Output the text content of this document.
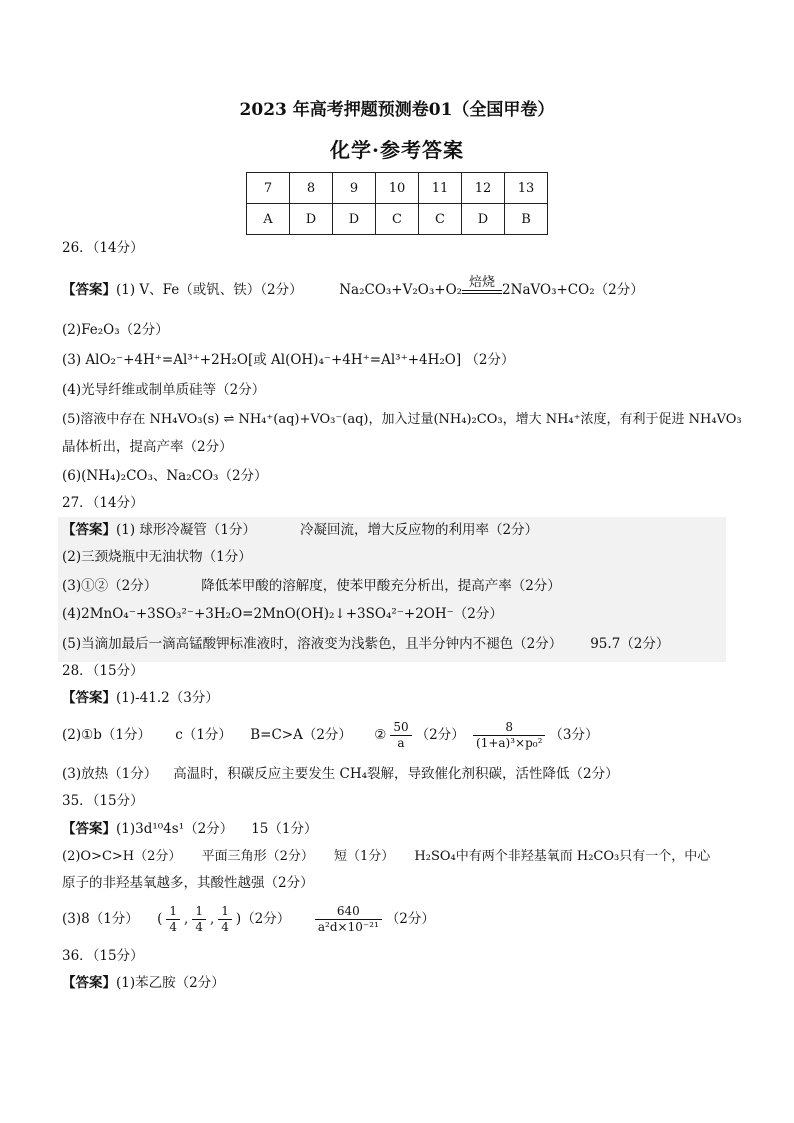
2023 年高考押题预测卷01（全国甲卷）
化学·参考答案
7	8	9	10	11	12	13
A	D	D	C	C	D	B
26．（14分）
【答案】(1) V、Fe（或钒、铁）（2分）	Na₂CO₃+V₂O₃+O₂ 焙烧 2NaVO₃+CO₂（2分）
(2)Fe₂O₃（2分）
(3) AlO₂⁻+4H⁺=Al³⁺+2H₂O[或 Al(OH)₄⁻+4H⁺=Al³⁺+4H₂O] （2分）
(4)光导纤维或制单质硅等（2分）
(5)溶液中存在 NH₄VO₃(s) ⇌ NH₄⁺(aq)+VO₃⁻(aq)，加入过量(NH₄)₂CO₃，增大 NH₄⁺浓度，有利于促进 NH₄VO₃
晶体析出，提高产率（2分）
(6)(NH₄)₂CO₃、Na₂CO₃（2分）
27．（14分）
【答案】(1) 球形冷凝管（1分）	冷凝回流，增大反应物的利用率（2分）
(2)三颈烧瓶中无油状物（1分）
(3)①②（2分）	降低苯甲酸的溶解度，使苯甲酸充分析出，提高产率（2分）
(4)2MnO₄⁻+3SO₃²⁻+3H₂O=2MnO(OH)₂↓+3SO₄²⁻+2OH⁻（2分）
(5)当滴加最后一滴高锰酸钾标准液时，溶液变为浅紫色，且半分钟内不褪色（2分） 95.7（2分）
28．（15分）
【答案】(1)-41.2（3分）
(2)①b（1分） c（1分） B=C>A（2分） ② $\frac{50}{a} (2$分） $\frac{8}{\text{(1+a)³×p₀²}} (3$分）
(3)放热（1分） 高温时，积碳反应主要发生 CH₄裂解，导致催化剂积碳，活性降低（2分）
35．（15分）
【答案】(1)3d¹⁰4s¹（2分） 15（1分）
(2)O>C>H（2分） 平面三角形（2分） 短（1分） H₂SO₄中有两个非羟基氧而 H₂CO₃只有一个，中心
原子的非羟基氧越多，其酸性越强（2分）
(3)8（1分） ( $\frac{1}{4}$ , $\frac{1}{4}$ , $\frac{1}{4} )(2$分） $\frac{640}{\text{a²d×10⁻²¹}} (2$分）
36．（15分）
【答案】(1)苯乙胺（2分）
